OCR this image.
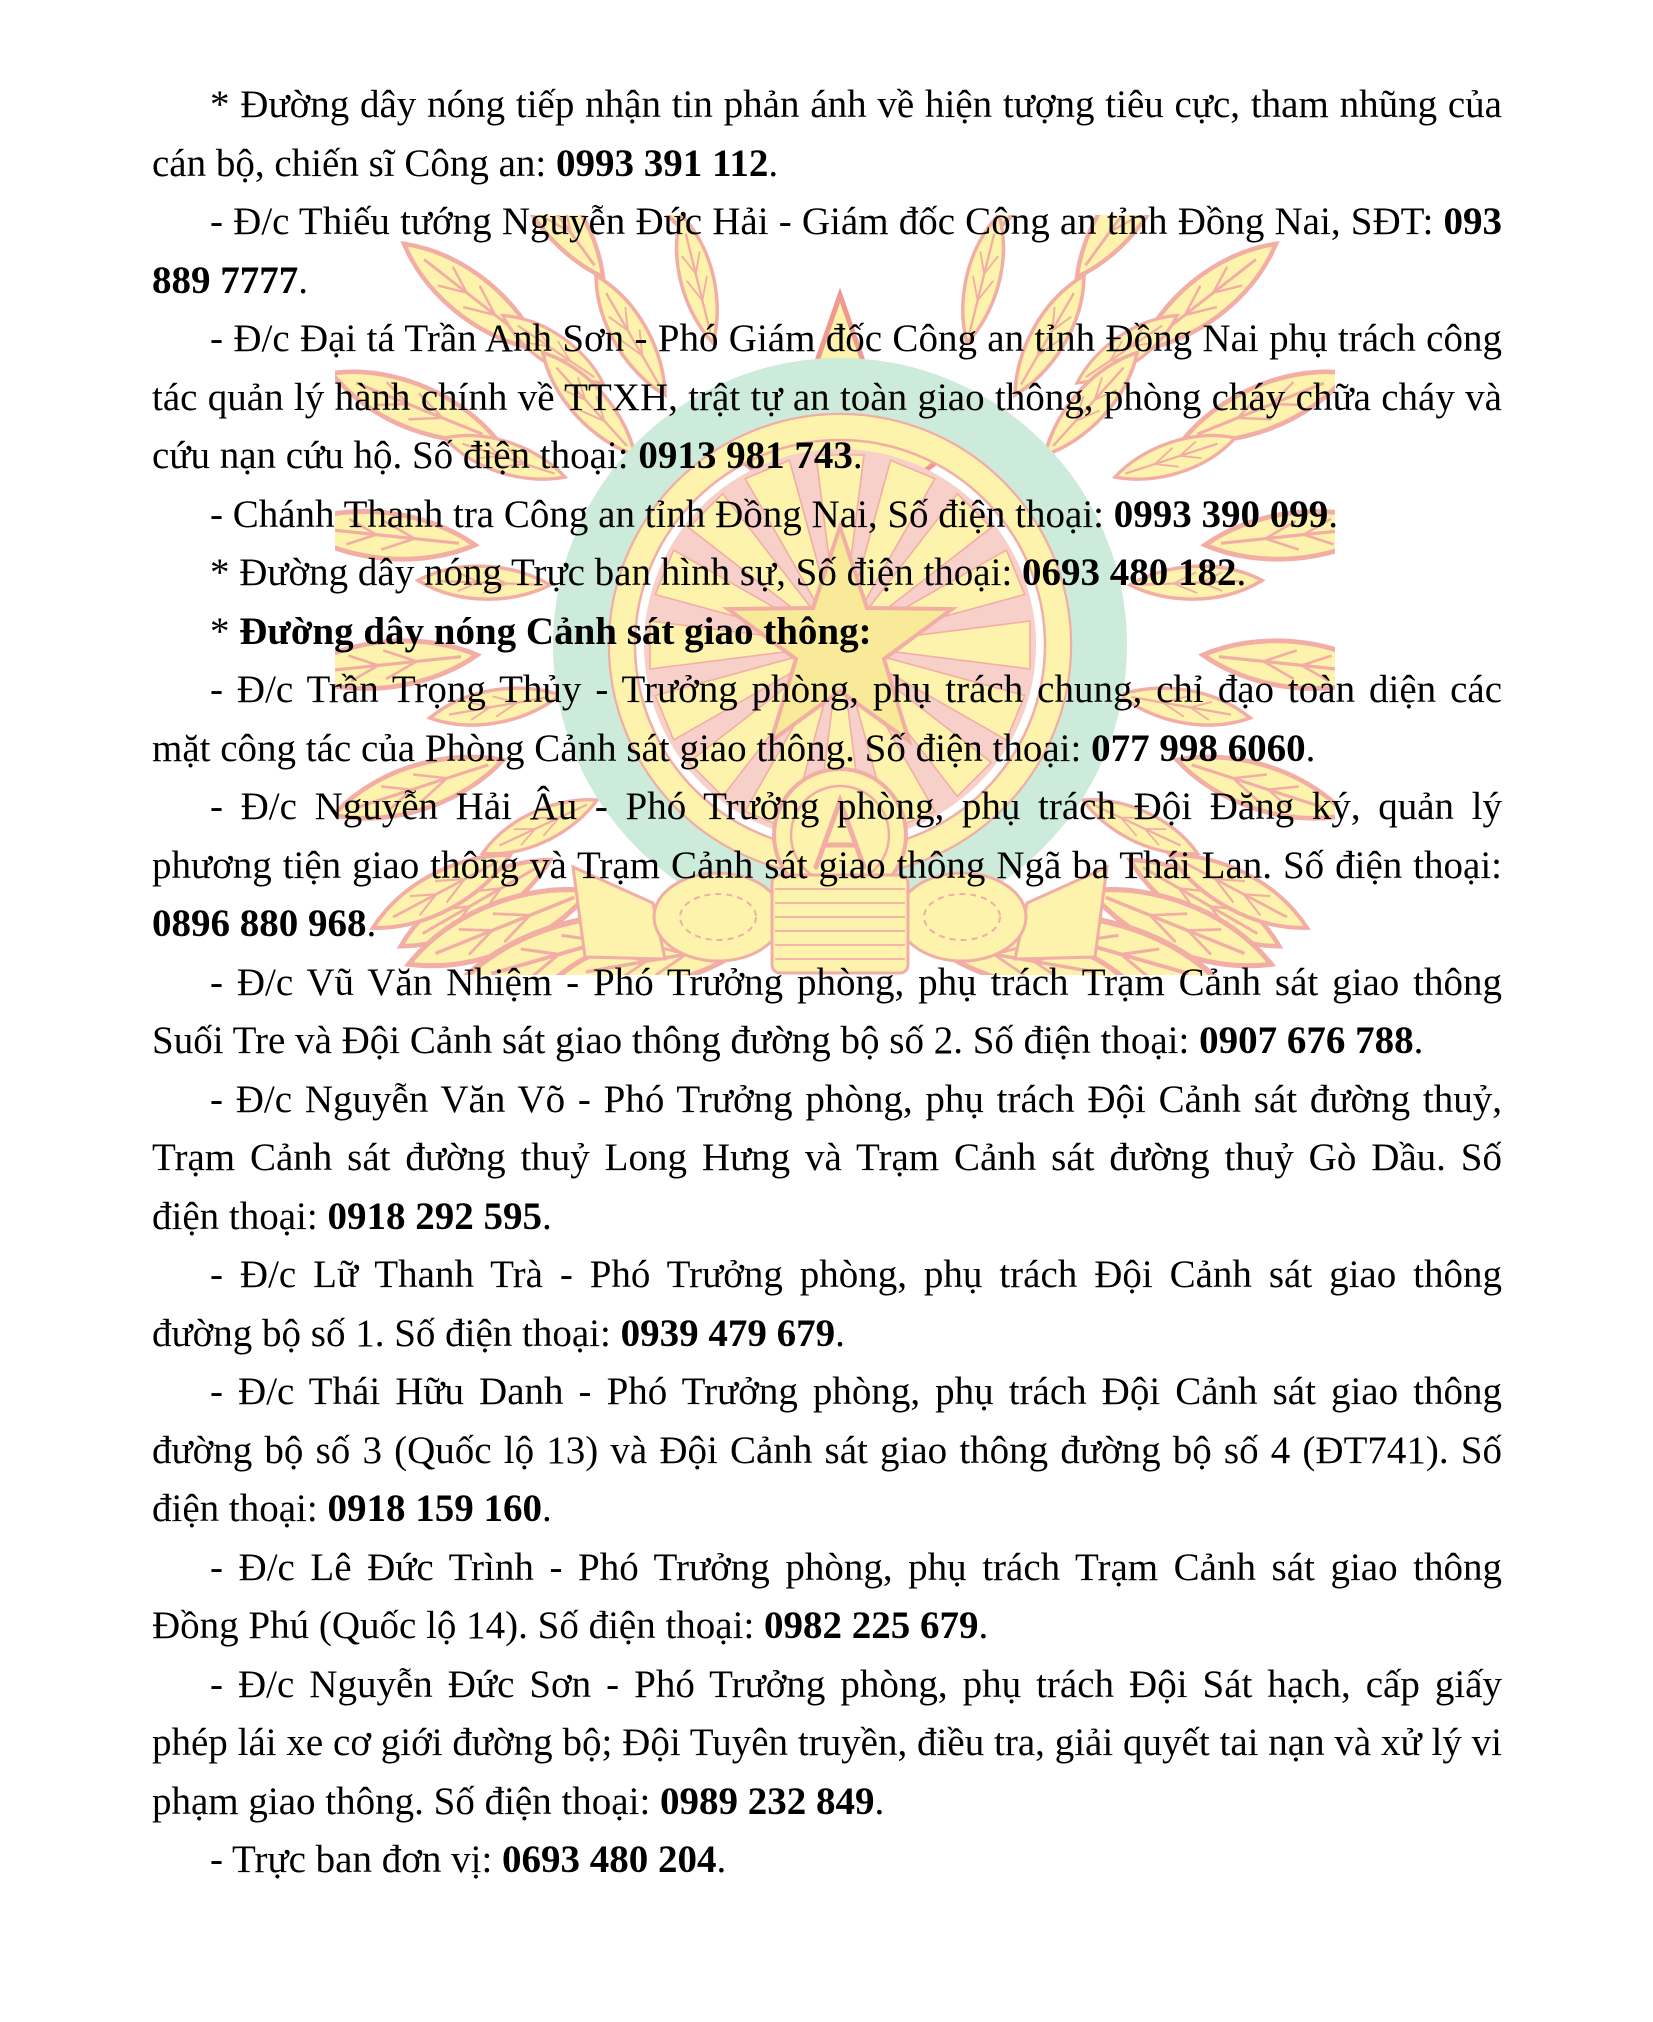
* Đường dây nóng tiếp nhận tin phản ánh về hiện tượng tiêu cực, tham nhũng của cán bộ, chiến sĩ Công an: 0993 391 112.

- Đ/c Thiếu tướng Nguyễn Đức Hải - Giám đốc Công an tỉnh Đồng Nai, SĐT: 093 889 7777.

- Đ/c Đại tá Trần Anh Sơn - Phó Giám đốc Công an tỉnh Đồng Nai phụ trách công tác quản lý hành chính về TTXH, trật tự an toàn giao thông, phòng cháy chữa cháy và cứu nạn cứu hộ. Số điện thoại: 0913 981 743.

- Chánh Thanh tra Công an tỉnh Đồng Nai, Số điện thoại: 0993 390 099.

* Đường dây nóng Trực ban hình sự, Số điện thoại: 0693 480 182.

* Đường dây nóng Cảnh sát giao thông:

- Đ/c Trần Trọng Thủy - Trưởng phòng, phụ trách chung, chỉ đạo toàn diện các mặt công tác của Phòng Cảnh sát giao thông. Số điện thoại: 077 998 6060.

- Đ/c Nguyễn Hải Âu - Phó Trưởng phòng, phụ trách Đội Đăng ký, quản lý phương tiện giao thông và Trạm Cảnh sát giao thông Ngã ba Thái Lan. Số điện thoại: 0896 880 968.

- Đ/c Vũ Văn Nhiệm - Phó Trưởng phòng, phụ trách Trạm Cảnh sát giao thông Suối Tre và Đội Cảnh sát giao thông đường bộ số 2. Số điện thoại: 0907 676 788.

- Đ/c Nguyễn Văn Võ - Phó Trưởng phòng, phụ trách Đội Cảnh sát đường thuỷ, Trạm Cảnh sát đường thuỷ Long Hưng và Trạm Cảnh sát đường thuỷ Gò Dầu. Số điện thoại: 0918 292 595.

- Đ/c Lữ Thanh Trà - Phó Trưởng phòng, phụ trách Đội Cảnh sát giao thông đường bộ số 1. Số điện thoại: 0939 479 679.

- Đ/c Thái Hữu Danh - Phó Trưởng phòng, phụ trách Đội Cảnh sát giao thông đường bộ số 3 (Quốc lộ 13) và Đội Cảnh sát giao thông đường bộ số 4 (ĐT741). Số điện thoại: 0918 159 160.

- Đ/c Lê Đức Trình - Phó Trưởng phòng, phụ trách Trạm Cảnh sát giao thông Đồng Phú (Quốc lộ 14). Số điện thoại: 0982 225 679.

- Đ/c Nguyễn Đức Sơn - Phó Trưởng phòng, phụ trách Đội Sát hạch, cấp giấy phép lái xe cơ giới đường bộ; Đội Tuyên truyền, điều tra, giải quyết tai nạn và xử lý vi phạm giao thông. Số điện thoại: 0989 232 849.

- Trực ban đơn vị: 0693 480 204.
